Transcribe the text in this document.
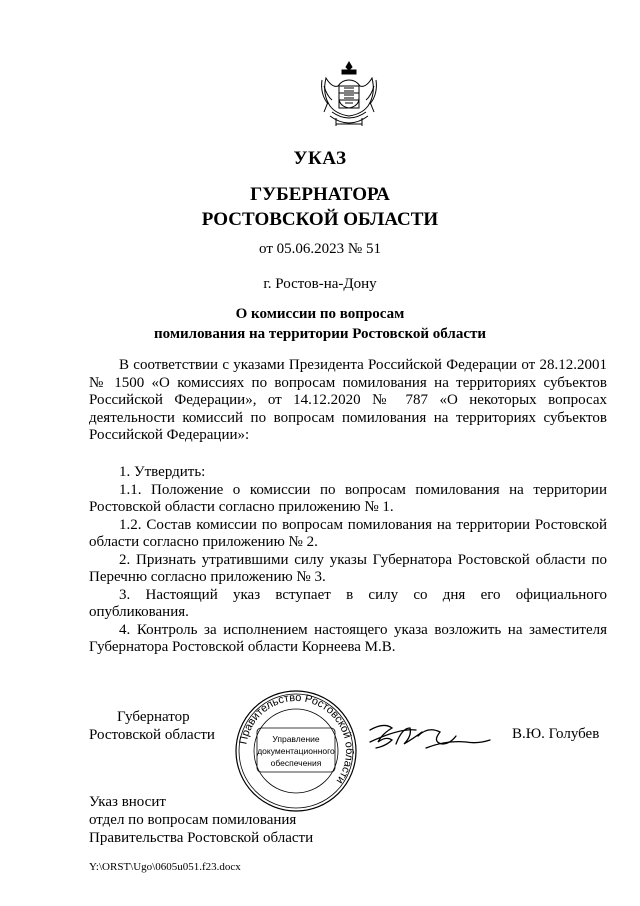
УКАЗ
ГУБЕРНАТОРА
РОСТОВСКОЙ ОБЛАСТИ
от 05.06.2023 № 51
г. Ростов-на-Дону
О комиссии по вопросам
помилования на территории Ростовской области

В соответствии с указами Президента Российской Федерации от 28.12.2001 № 1500 «О комиссиях по вопросам помилования на территориях субъектов Российской Федерации», от 14.12.2020 № 787 «О некоторых вопросах деятельности комиссий по вопросам помилования на территориях субъектов Российской Федерации»:

1. Утвердить:

1.1. Положение о комиссии по вопросам помилования на территории Ростовской области согласно приложению № 1.

1.2. Состав комиссии по вопросам помилования на территории Ростовской области согласно приложению № 2.

2. Признать утратившими силу указы Губернатора Ростовской области по Перечню согласно приложению № 3.

3. Настоящий указ вступает в силу со дня его официального опубликования.

4. Контроль за исполнением настоящего указа возложить на заместителя Губернатора Ростовской области Корнеева М.В.

Губернатор
Ростовской области Правительство Ростовской области
Управление
документационного
обеспечения
В.Ю. Голубев
Указ вносит
отдел по вопросам помилования
Правительства Ростовской области
Y:\ORST\Ugo\0605u051.f23.docx
